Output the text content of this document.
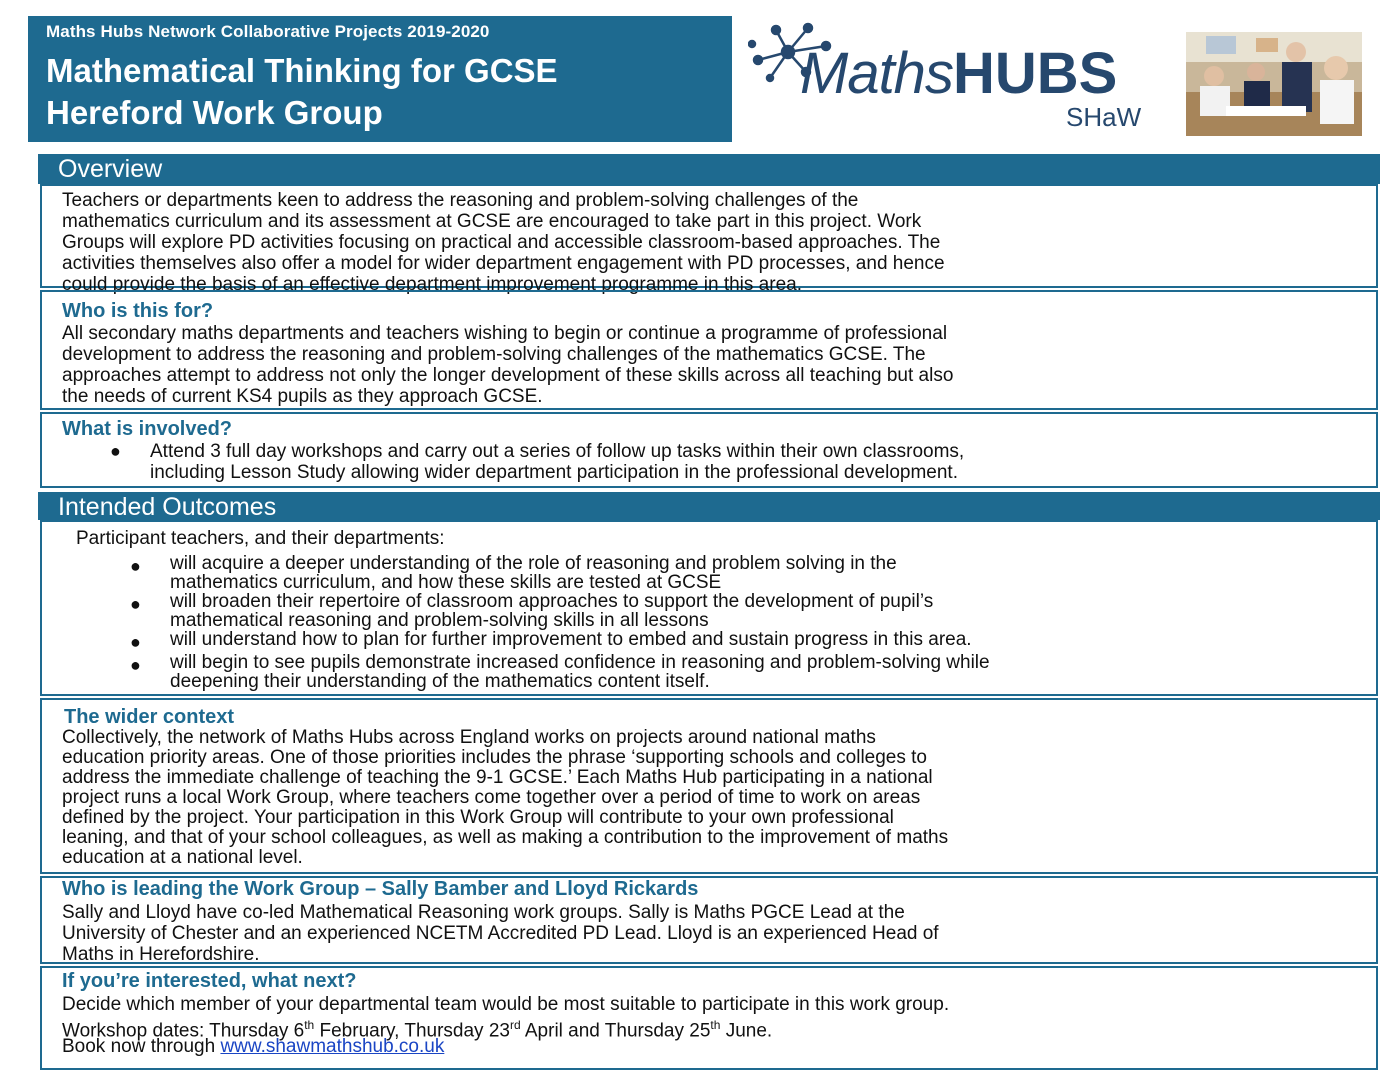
Maths Hubs Network Collaborative Projects 2019-2020
Mathematical Thinking for GCSE
Hereford Work Group
MathsHUBS
SHaW
Overview
Teachers or departments keen to address the reasoning and problem-solving challenges of the
mathematics curriculum and its assessment at GCSE are encouraged to take part in this project. Work
Groups will explore PD activities focusing on practical and accessible classroom-based approaches. The
activities themselves also offer a model for wider department engagement with PD processes, and hence
could provide the basis of an effective department improvement programme in this area.
Who is this for?
All secondary maths departments and teachers wishing to begin or continue a programme of professional
development to address the reasoning and problem-solving challenges of the mathematics GCSE. The
approaches attempt to address not only the longer development of these skills across all teaching but also
the needs of current KS4 pupils as they approach GCSE.
What is involved?
● Attend 3 full day workshops and carry out a series of follow up tasks within their own classrooms,
including Lesson Study allowing wider department participation in the professional development.
Intended Outcomes
Participant teachers, and their departments:
● will acquire a deeper understanding of the role of reasoning and problem solving in the
mathematics curriculum, and how these skills are tested at GCSE
● will broaden their repertoire of classroom approaches to support the development of pupil’s
mathematical reasoning and problem-solving skills in all lessons
● will understand how to plan for further improvement to embed and sustain progress in this area.
● will begin to see pupils demonstrate increased confidence in reasoning and problem-solving while
deepening their understanding of the mathematics content itself.
The wider context
Collectively, the network of Maths Hubs across England works on projects around national maths
education priority areas. One of those priorities includes the phrase ‘supporting schools and colleges to
address the immediate challenge of teaching the 9-1 GCSE.’ Each Maths Hub participating in a national
project runs a local Work Group, where teachers come together over a period of time to work on areas
defined by the project. Your participation in this Work Group will contribute to your own professional
leaning, and that of your school colleagues, as well as making a contribution to the improvement of maths
education at a national level.
Who is leading the Work Group – Sally Bamber and Lloyd Rickards
Sally and Lloyd have co-led Mathematical Reasoning work groups. Sally is Maths PGCE Lead at the
University of Chester and an experienced NCETM Accredited PD Lead. Lloyd is an experienced Head of
Maths in Herefordshire.
If you’re interested, what next?
Decide which member of your departmental team would be most suitable to participate in this work group.
Workshop dates: Thursday 6th February, Thursday 23rd April and Thursday 25th June.
Book now through www.shawmathshub.co.uk
